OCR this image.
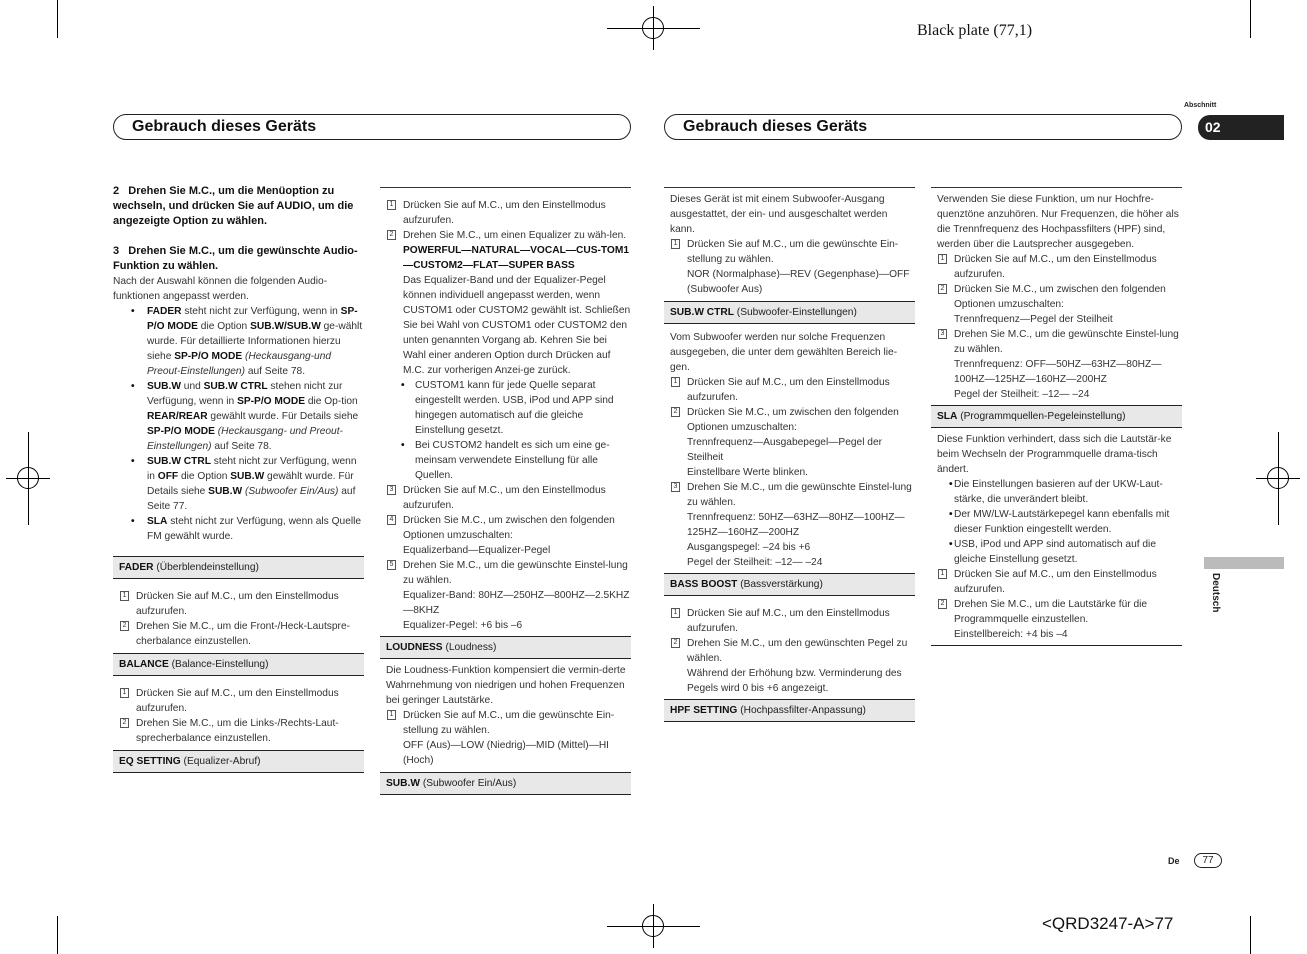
Black plate (77,1)
<QRD3247-A>77
Gebrauch dieses Geräts	Gebrauch dieses Geräts
Abschnitt
02
Deutsch
De	77
2 Drehen Sie M.C., um die Menüoption zu wechseln, und drücken Sie auf AUDIO, um die angezeigte Option zu wählen.
3 Drehen Sie M.C., um die gewünschte Audio-Funktion zu wählen.
Nach der Auswahl können die folgenden Audio-funktionen angepasst werden.
• FADER steht nicht zur Verfügung, wenn in SP-P/O MODE die Option SUB.W/SUB.W ge-wählt wurde. Für detaillierte Informationen hierzu siehe SP-P/O MODE (Heckausgang-und Preout-Einstellungen) auf Seite 78.
• SUB.W und SUB.W CTRL stehen nicht zur Verfügung, wenn in SP-P/O MODE die Op-tion REAR/REAR gewählt wurde. Für Details siehe SP-P/O MODE (Heckausgang- und Preout-Einstellungen) auf Seite 78.
• SUB.W CTRL steht nicht zur Verfügung, wenn in OFF die Option SUB.W gewählt wurde. Für Details siehe SUB.W (Subwoofer Ein/Aus) auf Seite 77.
• SLA steht nicht zur Verfügung, wenn als Quelle FM gewählt wurde.
FADER (Überblendeinstellung)
1 Drücken Sie auf M.C., um den Einstellmodus aufzurufen.
2 Drehen Sie M.C., um die Front-/Heck-Lautspre-cherbalance einzustellen.
BALANCE (Balance-Einstellung)
1 Drücken Sie auf M.C., um den Einstellmodus aufzurufen.
2 Drehen Sie M.C., um die Links-/Rechts-Laut-sprecherbalance einzustellen.
EQ SETTING (Equalizer-Abruf)
1 Drücken Sie auf M.C., um den Einstellmodus aufzurufen.
2 Drehen Sie M.C., um einen Equalizer zu wäh-len.
POWERFUL—NATURAL—VOCAL—CUS-TOM1—CUSTOM2—FLAT—SUPER BASS
Das Equalizer-Band und der Equalizer-Pegel können individuell angepasst werden, wenn CUSTOM1 oder CUSTOM2 gewählt ist. Schließen Sie bei Wahl von CUSTOM1 oder CUSTOM2 den unten genannten Vorgang ab. Kehren Sie bei Wahl einer anderen Option durch Drücken auf M.C. zur vorherigen Anzei-ge zurück.
• CUSTOM1 kann für jede Quelle separat eingestellt werden. USB, iPod und APP sind hingegen automatisch auf die gleiche Einstellung gesetzt.
• Bei CUSTOM2 handelt es sich um eine ge-meinsam verwendete Einstellung für alle Quellen.
3 Drücken Sie auf M.C., um den Einstellmodus aufzurufen.
4 Drücken Sie M.C., um zwischen den folgenden Optionen umzuschalten:
Equalizerband—Equalizer-Pegel
5 Drehen Sie M.C., um die gewünschte Einstel-lung zu wählen.
Equalizer-Band: 80HZ—250HZ—800HZ—2.5KHZ—8KHZ
Equalizer-Pegel: +6 bis –6
LOUDNESS (Loudness)
Die Loudness-Funktion kompensiert die vermin-derte Wahrnehmung von niedrigen und hohen Frequenzen bei geringer Lautstärke.
1 Drücken Sie auf M.C., um die gewünschte Ein-stellung zu wählen.
OFF (Aus)—LOW (Niedrig)—MID (Mittel)—HI (Hoch)
SUB.W (Subwoofer Ein/Aus)
Dieses Gerät ist mit einem Subwoofer-Ausgang ausgestattet, der ein- und ausgeschaltet werden kann.
1 Drücken Sie auf M.C., um die gewünschte Ein-stellung zu wählen.
NOR (Normalphase)—REV (Gegenphase)—OFF (Subwoofer Aus)
SUB.W CTRL (Subwoofer-Einstellungen)
Vom Subwoofer werden nur solche Frequenzen ausgegeben, die unter dem gewählten Bereich lie-gen.
1 Drücken Sie auf M.C., um den Einstellmodus aufzurufen.
2 Drücken Sie M.C., um zwischen den folgenden Optionen umzuschalten:
Trennfrequenz—Ausgabepegel—Pegel der Steilheit
Einstellbare Werte blinken.
3 Drehen Sie M.C., um die gewünschte Einstel-lung zu wählen.
Trennfrequenz: 50HZ—63HZ—80HZ—100HZ—125HZ—160HZ—200HZ
Ausgangspegel: –24 bis +6
Pegel der Steilheit: –12— –24
BASS BOOST (Bassverstärkung)
1 Drücken Sie auf M.C., um den Einstellmodus aufzurufen.
2 Drehen Sie M.C., um den gewünschten Pegel zu wählen.
Während der Erhöhung bzw. Verminderung des Pegels wird 0 bis +6 angezeigt.
HPF SETTING (Hochpassfilter-Anpassung)
Verwenden Sie diese Funktion, um nur Hochfre-quenztöne anzuhören. Nur Frequenzen, die höher als die Trennfrequenz des Hochpassfilters (HPF) sind, werden über die Lautsprecher ausgegeben.
1 Drücken Sie auf M.C., um den Einstellmodus aufzurufen.
2 Drücken Sie M.C., um zwischen den folgenden Optionen umzuschalten:
Trennfrequenz—Pegel der Steilheit
3 Drehen Sie M.C., um die gewünschte Einstel-lung zu wählen.
Trennfrequenz: OFF—50HZ—63HZ—80HZ—100HZ—125HZ—160HZ—200HZ
Pegel der Steilheit: –12— –24
SLA (Programmquellen-Pegeleinstellung)
Diese Funktion verhindert, dass sich die Lautstär-ke beim Wechseln der Programmquelle drama-tisch ändert.
• Die Einstellungen basieren auf der UKW-Laut-stärke, die unverändert bleibt.
• Der MW/LW-Lautstärkepegel kann ebenfalls mit dieser Funktion eingestellt werden.
• USB, iPod und APP sind automatisch auf die gleiche Einstellung gesetzt.
1 Drücken Sie auf M.C., um den Einstellmodus aufzurufen.
2 Drehen Sie M.C., um die Lautstärke für die Programmquelle einzustellen.
Einstellbereich: +4 bis –4
